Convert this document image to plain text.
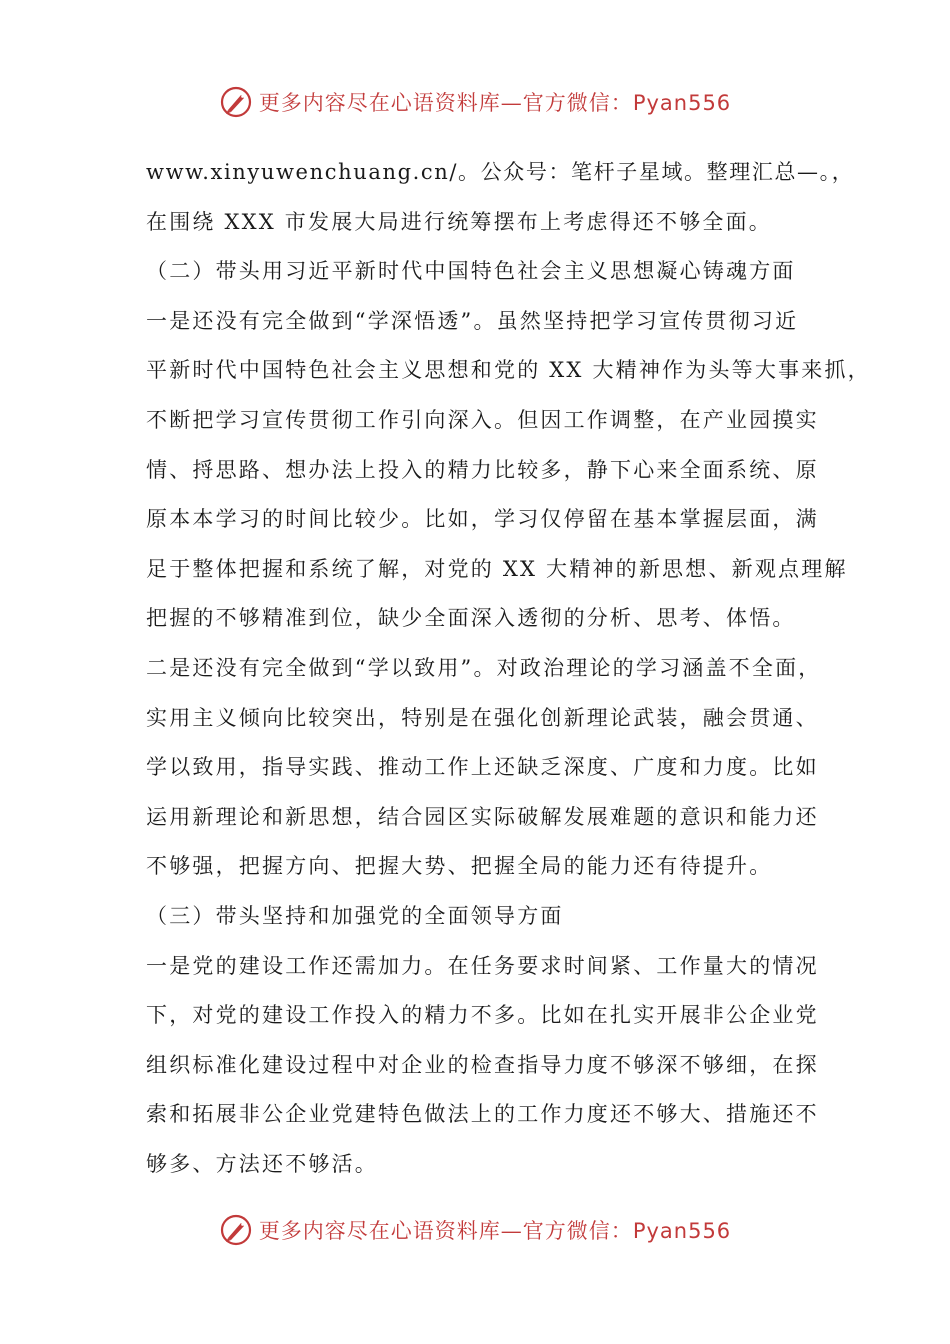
更多内容尽在心语资料库—官方微信：Pyan556
www.xinyuwenchuang.cn/。公众号：笔杆子星域。整理汇总—。，
在围绕 XXX 市发展大局进行统筹摆布上考虑得还不够全面。
（二）带头用习近平新时代中国特色社会主义思想凝心铸魂方面
一是还没有完全做到“学深悟透”。虽然坚持把学习宣传贯彻习近
平新时代中国特色社会主义思想和党的 XX 大精神作为头等大事来抓，
不断把学习宣传贯彻工作引向深入。但因工作调整，在产业园摸实
情、捋思路、想办法上投入的精力比较多，静下心来全面系统、原
原本本学习的时间比较少。比如，学习仅停留在基本掌握层面，满
足于整体把握和系统了解，对党的 XX 大精神的新思想、新观点理解
把握的不够精准到位，缺少全面深入透彻的分析、思考、体悟。
二是还没有完全做到“学以致用”。对政治理论的学习涵盖不全面，
实用主义倾向比较突出，特别是在强化创新理论武装，融会贯通、
学以致用，指导实践、推动工作上还缺乏深度、广度和力度。比如
运用新理论和新思想，结合园区实际破解发展难题的意识和能力还
不够强，把握方向、把握大势、把握全局的能力还有待提升。
（三）带头坚持和加强党的全面领导方面
一是党的建设工作还需加力。在任务要求时间紧、工作量大的情况
下，对党的建设工作投入的精力不多。比如在扎实开展非公企业党
组织标准化建设过程中对企业的检查指导力度不够深不够细，在探
索和拓展非公企业党建特色做法上的工作力度还不够大、措施还不
够多、方法还不够活。
更多内容尽在心语资料库—官方微信：Pyan556
